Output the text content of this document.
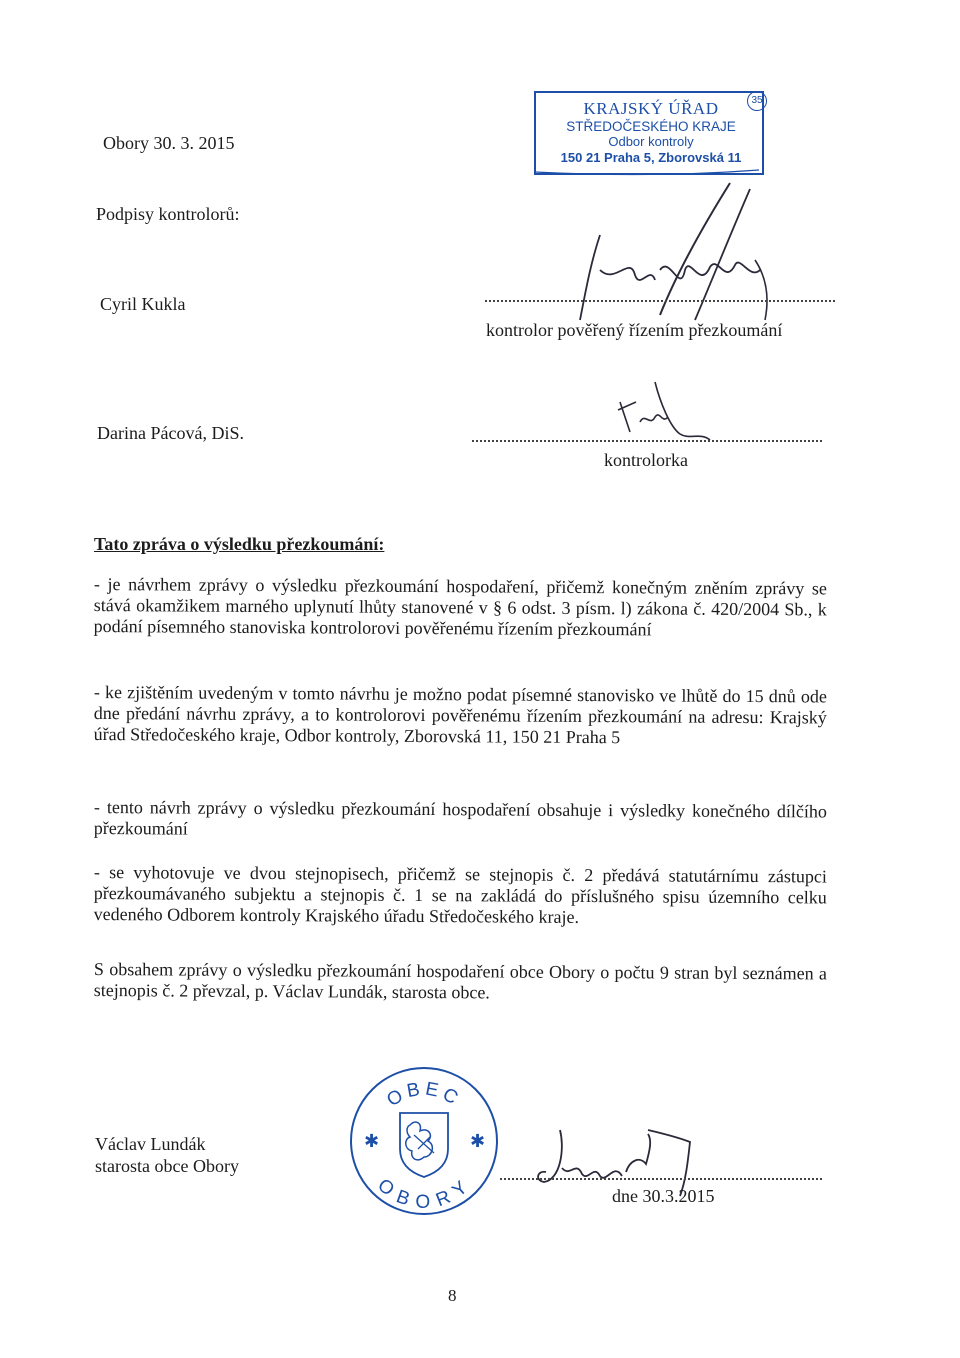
Obory 30. 3. 2015
Podpisy kontrolorů:
KRAJSKÝ ÚŘAD
STŘEDOČESKÉHO KRAJE
Odbor kontroly
150 21 Praha 5, Zborovská 11
35
Cyril Kukla
kontrolor pověřený řízením přezkoumání
Darina Pácová, DiS.
kontrolorka
Tato zpráva o výsledku přezkoumání:
- je návrhem zprávy o výsledku přezkoumání hospodaření, přičemž konečným zněním zprávy se stává okamžikem marného uplynutí lhůty stanovené v § 6 odst. 3 písm. l) zákona č. 420/2004 Sb., k podání písemného stanoviska kontrolorovi pověřenému řízením přezkoumání
- ke zjištěním uvedeným v tomto návrhu je možno podat písemné stanovisko ve lhůtě do 15 dnů ode dne předání návrhu zprávy, a to kontrolorovi pověřenému řízením přezkoumání na adresu: Krajský úřad Středočeského kraje, Odbor kontroly, Zborovská 11, 150 21 Praha 5
- tento návrh zprávy o výsledku přezkoumání hospodaření obsahuje i výsledky konečného dílčího přezkoumání
- se vyhotovuje ve dvou stejnopisech, přičemž se stejnopis č. 2 předává statutárnímu zástupci přezkoumávaného subjektu a stejnopis č. 1 se na zakládá do příslušného spisu územního celku vedeného Odborem kontroly Krajského úřadu Středočeského kraje.
S obsahem zprávy o výsledku přezkoumání hospodaření obce Obory o počtu 9 stran byl seznámen a stejnopis č. 2 převzal, p. Václav Lundák, starosta obce.
Václav Lundák
starosta obce Obory
OBEC
OBORY
✱	✱
dne 30.3.2015
8
